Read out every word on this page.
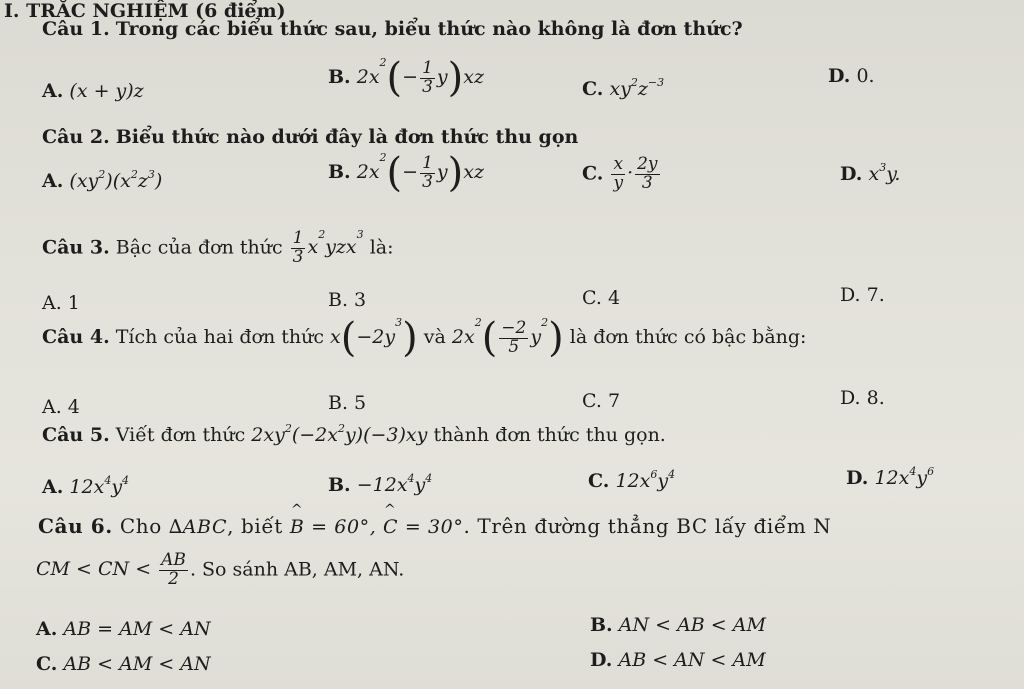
I. TRẮC NGHIỆM (6 điểm)
Câu 1. Trong các biểu thức sau, biểu thức nào không là đơn thức?
A. (x + y)z
B. $2x^2(- \frac{1}{3} y)xz$
C. $xy^2z^{-3}$	D. 0.
Câu 2. Biểu thức nào dưới đây là đơn thức thu gọn
A. $(xy^2)(x^2z^3)$	B. $2x^2(- \frac{1}{3} y)xz$	C. $\frac{x}{y} \cdot \frac{2y}{3}$	D. $x^3y$.
Câu 3. Bậc của đơn thức $\frac{1}{3} x^2yzx^3$ là:
A. 1	B. 3	C. 4	D. 7.
Câu 4. Tích của hai đơn thức $x(-2y^3)$ và $2x^2( \frac{-2}{5} y^2)$ là đơn thức có bậc bằng:
A. 4	B. 5	C. 7	D. 8.
Câu 5. Viết đơn thức $2xy^2(-2x^2y)(-3)xy$ thành đơn thức thu gọn.
A. $12x^4y^4$	B. $-12x^4y^4$	C. $12x^6y^4$	D. $12x^4y^6$
Câu 6. Cho ∆ABC, biết ^ B = 60°, ^ C = 30°. Trên đường thẳng BC lấy điểm N
CM < CN < $\frac{AB}{2}$ . So sánh AB, AM, AN.
A. AB = AM < AN	B. AN < AB < AM
C. AB < AM < AN	D. AB < AN < AM
